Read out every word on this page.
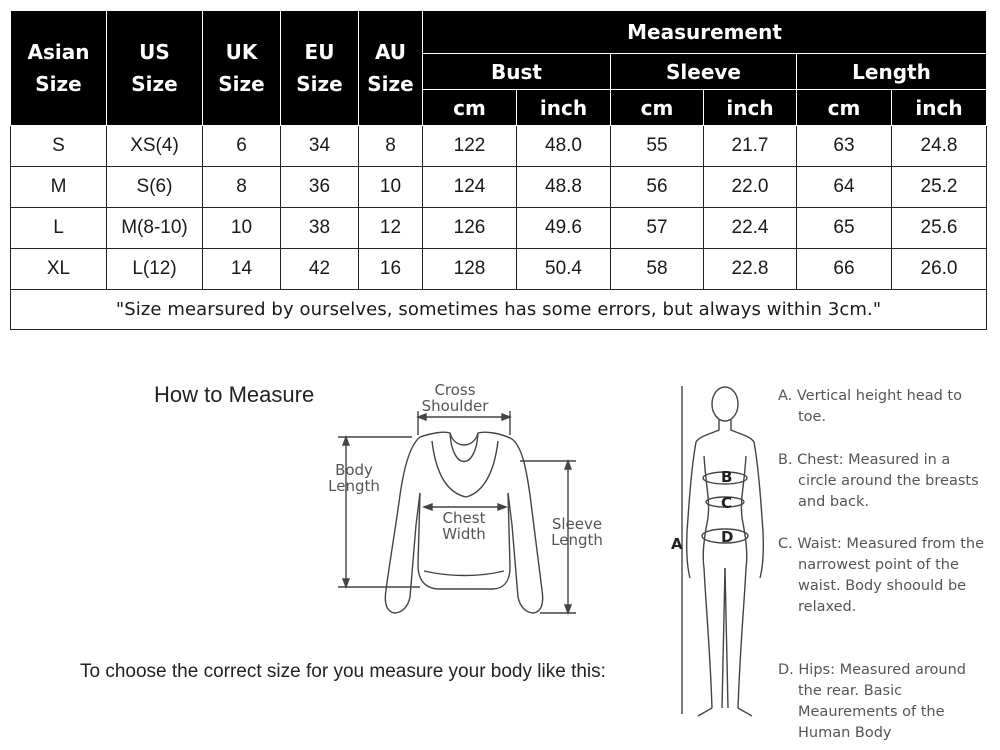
Asian
Size	US
Size	UK
Size	EU
Size	AU
Size	Measurement					
					Bust		Sleeve		Length	
					cm	inch	cm	inch	cm	inch
S	XS(4)	6	34	8	122	48.0	55	21.7	63	24.8
M	S(6)	8	36	10	124	48.8	56	22.0	64	25.2
L	M(8-10)	10	38	12	126	49.6	57	22.4	65	25.6
XL	L(12)	14	42	16	128	50.4	58	22.8	66	26.0
"Size mearsured by ourselves, sometimes has some errors, but always within 3cm."										
How to Measure	Cross
Shoulder
Body
Length
Chest
Width
Sleeve
Length
To choose the correct size for you measure your body like this:
A
B
C
D
A. Vertical height head to toe.
B. Chest: Measured in a circle around the breasts and back.
C. Waist: Measured from the narrowest point of the waist. Body shoould be relaxed.
D. Hips: Measured around the rear. Basic Meaurements of the Human Body
